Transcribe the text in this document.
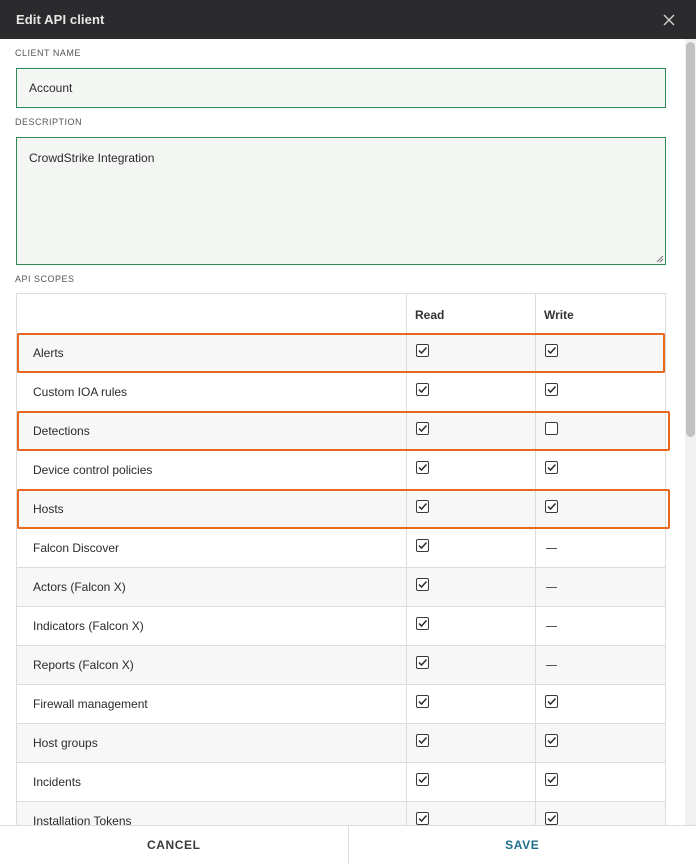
Edit API client
CLIENT NAME
Account
DESCRIPTION
CrowdStrike Integration
API SCOPES
Read	Write
Alerts
Custom IOA rules
Detections
Device control policies
Hosts
Falcon Discover
Actors (Falcon X)
Indicators (Falcon X)
Reports (Falcon X)
Firewall management
Host groups
Incidents
Installation Tokens
CANCEL	SAVE
